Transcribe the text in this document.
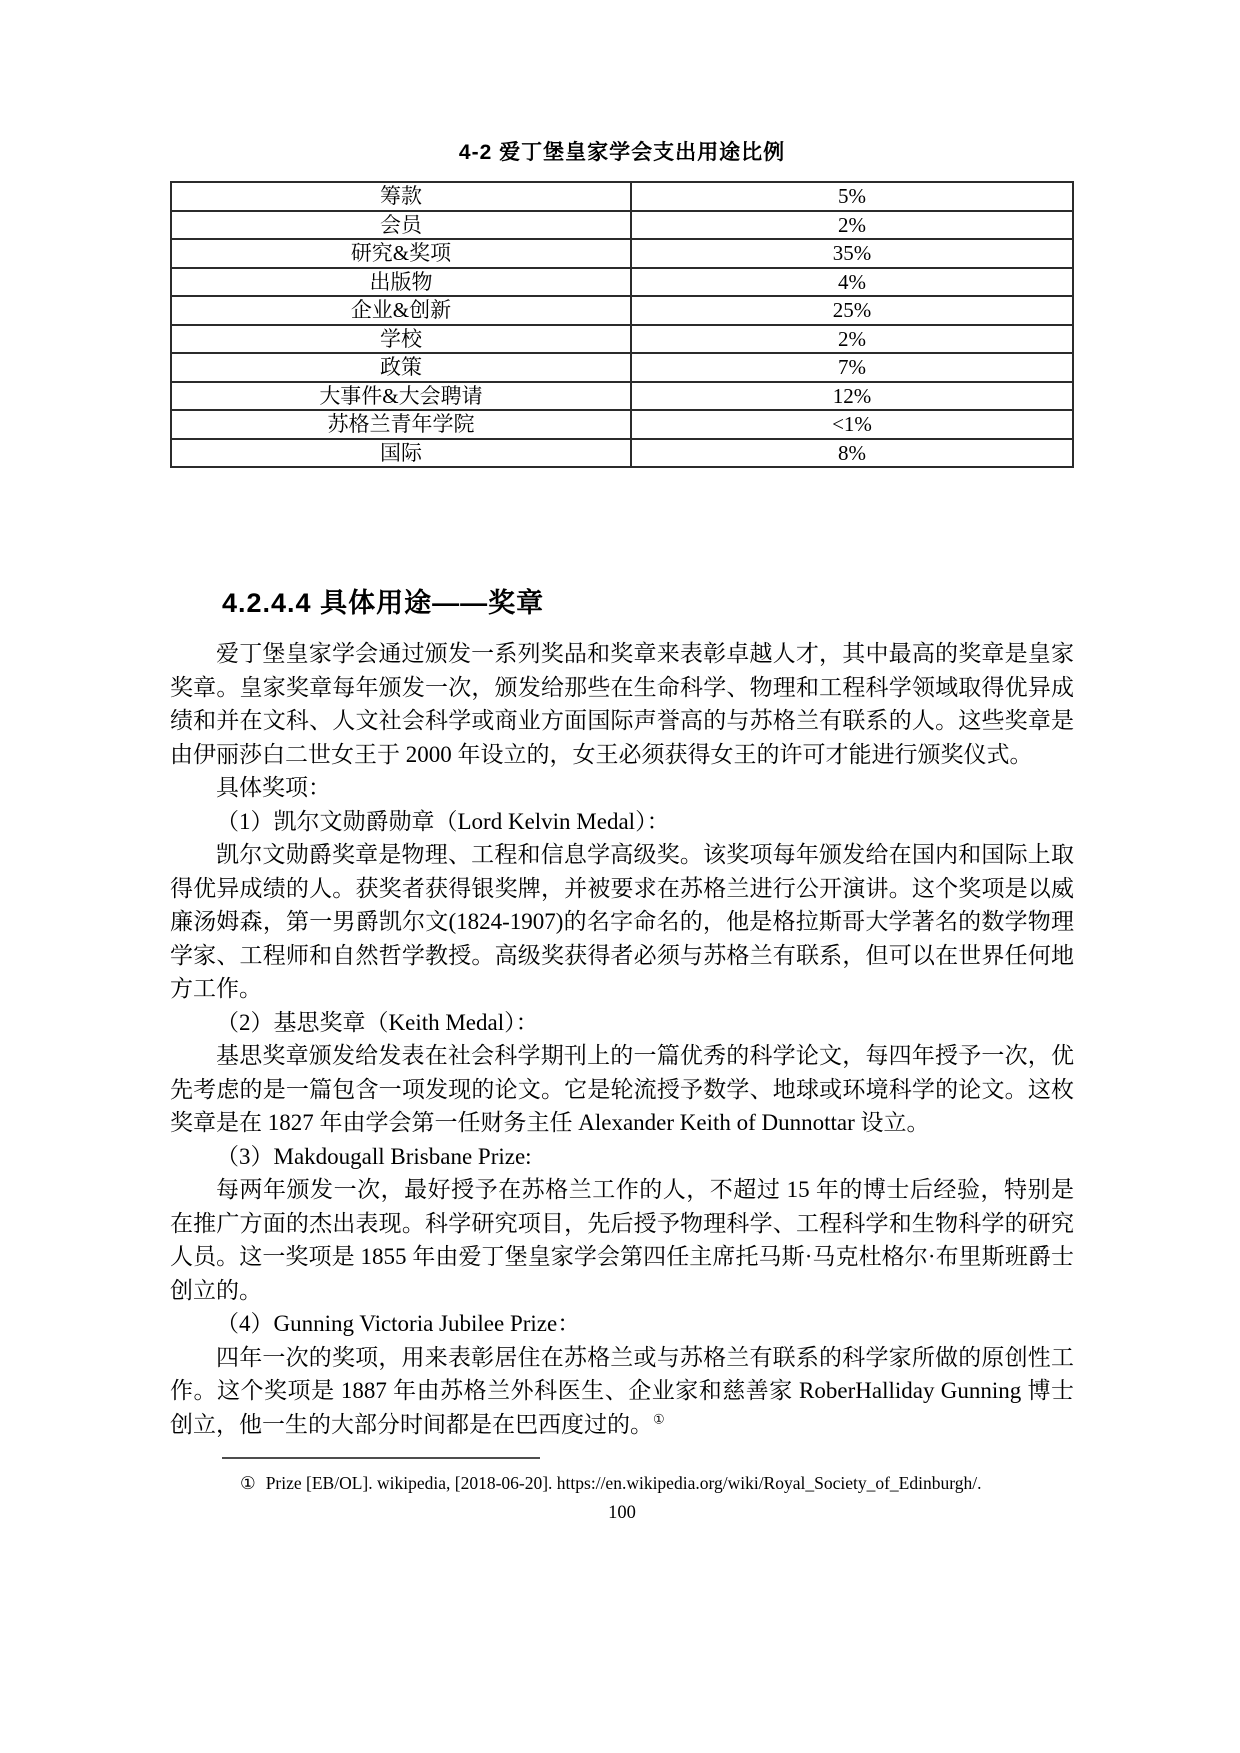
4-2 爱丁堡皇家学会支出用途比例
筹款	5%
会员	2%
研究&奖项	35%
出版物	4%
企业&创新	25%
学校	2%
政策	7%
大事件&大会聘请	12%
苏格兰青年学院	<1%
国际	8%
4.2.4.4 具体用途——奖章

爱丁堡皇家学会通过颁发一系列奖品和奖章来表彰卓越人才，其中最高的奖章是皇家奖章。皇家奖章每年颁发一次，颁发给那些在生命科学、物理和工程科学领域取得优异成绩和并在文科、人文社会科学或商业方面国际声誉高的与苏格兰有联系的人。这些奖章是由伊丽莎白二世女王于 2000 年设立的，女王必须获得女王的许可才能进行颁奖仪式。

具体奖项：

（1）凯尔文勋爵勋章（Lord Kelvin Medal）：

凯尔文勋爵奖章是物理、工程和信息学高级奖。该奖项每年颁发给在国内和国际上取得优异成绩的人。获奖者获得银奖牌，并被要求在苏格兰进行公开演讲。这个奖项是以威廉汤姆森，第一男爵凯尔文(1824-1907)的名字命名的，他是格拉斯哥大学著名的数学物理学家、工程师和自然哲学教授。高级奖获得者必须与苏格兰有联系，但可以在世界任何地方工作。

（2）基思奖章（Keith Medal）：

基思奖章颁发给发表在社会科学期刊上的一篇优秀的科学论文，每四年授予一次，优先考虑的是一篇包含一项发现的论文。它是轮流授予数学、地球或环境科学的论文。这枚奖章是在 1827 年由学会第一任财务主任 Alexander Keith of Dunnottar 设立。

（3）Makdougall Brisbane Prize:

每两年颁发一次，最好授予在苏格兰工作的人，不超过 15 年的博士后经验，特别是在推广方面的杰出表现。科学研究项目，先后授予物理科学、工程科学和生物科学的研究人员。这一奖项是 1855 年由爱丁堡皇家学会第四任主席托马斯·马克杜格尔·布里斯班爵士创立的。

（4）Gunning Victoria Jubilee Prize：

四年一次的奖项，用来表彰居住在苏格兰或与苏格兰有联系的科学家所做的原创性工作。这个奖项是 1887 年由苏格兰外科医生、企业家和慈善家 RoberHalliday Gunning 博士创立，他一生的大部分时间都是在巴西度过的。①

① Prize [EB/OL]. wikipedia, [2018-06-20]. https://en.wikipedia.org/wiki/Royal_Society_of_Edinburgh/.
100
